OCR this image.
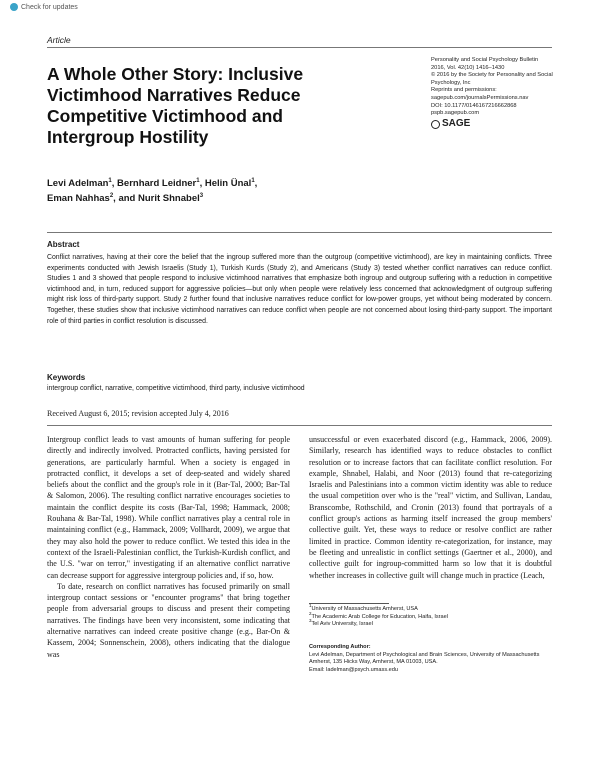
Check for updates
Article
A Whole Other Story: Inclusive Victimhood Narratives Reduce Competitive Victimhood and Intergroup Hostility
Personality and Social Psychology Bulletin
2016, Vol. 42(10) 1416–1430
© 2016 by the Society for Personality and Social Psychology, Inc
Reprints and permissions:
sagepub.com/journalsPermissions.nav
DOI: 10.1177/0146167216662868
pspb.sagepub.com
SAGE
Levi Adelman$^1$, Bernhard Leidner$^1$, Helin Ünal$^1$,
Eman Nahhas$^2$, and Nurit Shnabel$^3$
Abstract
Conflict narratives, having at their core the belief that the ingroup suffered more than the outgroup (competitive victimhood), are key in maintaining conflicts. Three experiments conducted with Jewish Israelis (Study 1), Turkish Kurds (Study 2), and Americans (Study 3) tested whether conflict narratives can reduce conflict. Studies 1 and 3 showed that people respond to inclusive victimhood narratives that emphasize both ingroup and outgroup suffering with a reduction in competitive victimhood and, in turn, reduced support for aggressive policies—but only when people were relatively less concerned that acknowledgment of outgroup suffering might risk loss of third-party support. Study 2 further found that inclusive narratives reduce conflict for low-power groups, yet without being moderated by concern. Together, these studies show that inclusive victimhood narratives can reduce conflict when people are not concerned about losing third-party support. The important role of third parties in conflict resolution is discussed.
Keywords
intergroup conflict, narrative, competitive victimhood, third party, inclusive victimhood
Received August 6, 2015; revision accepted July 4, 2016

Intergroup conflict leads to vast amounts of human suffering for people directly and indirectly involved. Protracted conflicts, having persisted for generations, are particularly harmful. When a society is engaged in protracted conflict, it develops a set of deep-seated and widely shared beliefs about the conflict and the group's role in it (Bar-Tal, 2000; Bar-Tal & Salomon, 2006). The resulting conflict narrative encourages societies to maintain the conflict despite its costs (Bar-Tal, 1998; Hammack, 2008; Rouhana & Bar-Tal, 1998). While conflict narratives play a central role in maintaining conflict (e.g., Hammack, 2009; Vollhardt, 2009), we argue that they may also hold the power to reduce conflict. We tested this idea in the context of the Israeli-Palestinian conflict, the Turkish-Kurdish conflict, and the U.S. "war on terror," investigating if an alternative conflict narrative can decrease support for aggressive intergroup policies and, if so, how.

To date, research on conflict narratives has focused primarily on small intergroup contact sessions or "encounter programs" that bring together people from adversarial groups to discuss and present their competing narratives. The findings have been very inconsistent, some indicating that alternative narratives can indeed create positive change (e.g., Bar-On & Kassem, 2004; Sonnenschein, 2008), others indicating that the dialogue was

unsuccessful or even exacerbated discord (e.g., Hammack, 2006, 2009). Similarly, research has identified ways to reduce obstacles to conflict resolution or to increase factors that can facilitate conflict resolution. For example, Shnabel, Halabi, and Noor (2013) found that re-categorizing Israelis and Palestinians into a common victim identity was able to reduce the usual competition over who is the "real" victim, and Sullivan, Landau, Branscombe, Rothschild, and Cronin (2013) found that portrayals of a conflict group's actions as harming itself increased the group members' collective guilt. Yet, these ways to reduce or resolve conflict are rather limited in practice. Common identity re-categorization, for instance, may be fleeting and unrealistic in conflict settings (Gaertner et al., 2000), and collective guilt for ingroup-committed harm so low that it is doubtful whether increases in collective guilt will change much in practice (Leach,

$^1$University of Massachusetts Amherst, USA
$^2$The Academic Arab College for Education, Haifa, Israel
$^3$Tel Aviv University, Israel
Corresponding Author:
Levi Adelman, Department of Psychological and Brain Sciences, University of Massachusetts Amherst, 135 Hicks Way, Amherst, MA 01003, USA.
Email: ladelman@psych.umass.edu
